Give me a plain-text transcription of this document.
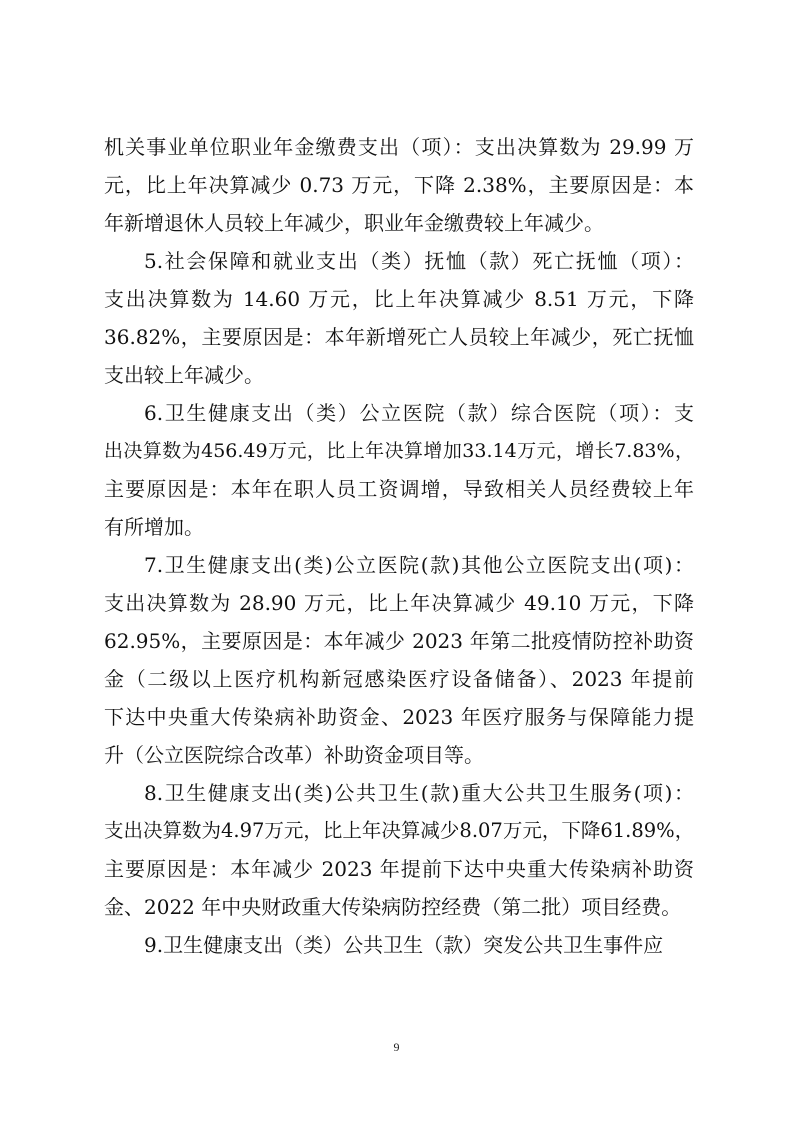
机关事业单位职业年金缴费支出（项）：支出决算数为 29.99 万
元，比上年决算减少 0.73 万元，下降 2.38%，主要原因是：本
年新增退休人员较上年减少，职业年金缴费较上年减少。
5.社会保障和就业支出（类）抚恤（款）死亡抚恤（项）：
支出决算数为 14.60 万元，比上年决算减少 8.51 万元，下降
36.82%，主要原因是：本年新增死亡人员较上年减少，死亡抚恤
支出较上年减少。
6.卫生健康支出（类）公立医院（款）综合医院（项）：支
出决算数为456.49万元，比上年决算增加33.14万元，增长7.83%，
主要原因是：本年在职人员工资调增，导致相关人员经费较上年
有所增加。
7.卫生健康支出(类)公立医院(款)其他公立医院支出(项)：
支出决算数为 28.90 万元，比上年决算减少 49.10 万元，下降
62.95%，主要原因是：本年减少 2023 年第二批疫情防控补助资
金（二级以上医疗机构新冠感染医疗设备储备）、2023 年提前
下达中央重大传染病补助资金、2023 年医疗服务与保障能力提
升（公立医院综合改革）补助资金项目等。
8.卫生健康支出(类)公共卫生(款)重大公共卫生服务(项)：
支出决算数为4.97万元，比上年决算减少8.07万元，下降61.89%，
主要原因是：本年减少 2023 年提前下达中央重大传染病补助资
金、2022 年中央财政重大传染病防控经费（第二批）项目经费。
9.卫生健康支出（类）公共卫生（款）突发公共卫生事件应
9
